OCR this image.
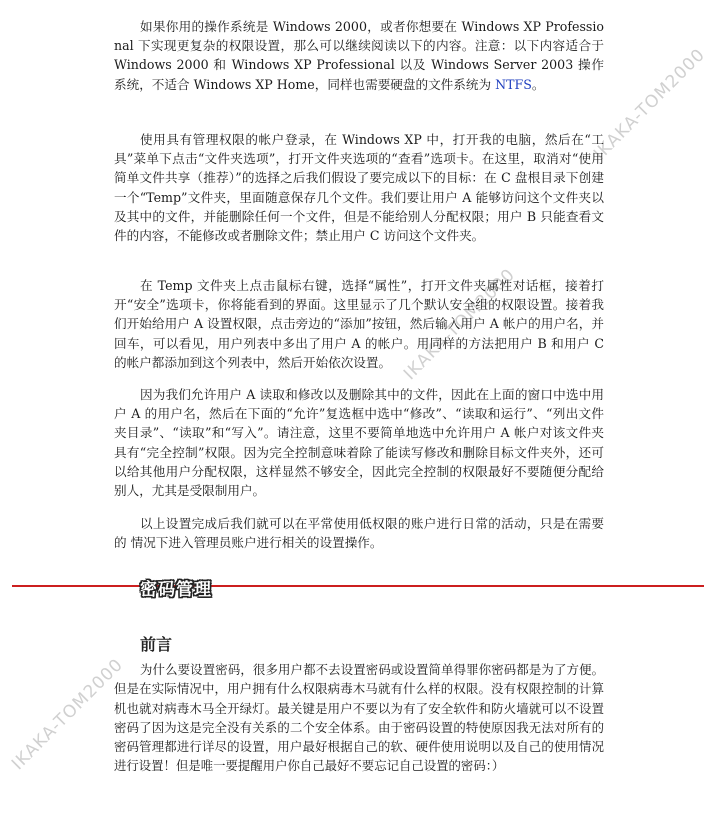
如果你用的操作系统是 Windows 2000，或者你想要在 Windows XP Professional 下实现更复杂的权限设置，那么可以继续阅读以下的内容。注意：以下内容适合于 Windows 2000 和 Windows XP Professional 以及 Windows Server 2003 操作系统，不适合 Windows XP Home，同样也需要硬盘的文件系统为 NTFS。

使用具有管理权限的帐户登录，在 Windows XP 中，打开我的电脑，然后在“工具”菜单下点击“文件夹选项”，打开文件夹选项的“查看”选项卡。在这里，取消对“使用简单文件共享（推荐）”的选择之后我们假设了要完成以下的目标：在 C 盘根目录下创建一个“Temp”文件夹，里面随意保存几个文件。我们要让用户 A 能够访问这个文件夹以及其中的文件，并能删除任何一个文件，但是不能给别人分配权限；用户 B 只能查看文件的内容，不能修改或者删除文件；禁止用户 C 访问这个文件夹。

在 Temp 文件夹上点击鼠标右键，选择“属性”，打开文件夹属性对话框，接着打开“安全”选项卡，你将能看到的界面。这里显示了几个默认安全组的权限设置。接着我们开始给用户 A 设置权限，点击旁边的“添加”按钮，然后输入用户 A 帐户的用户名，并回车，可以看见，用户列表中多出了用户 A 的帐户。用同样的方法把用户 B 和用户 C 的帐户都添加到这个列表中，然后开始依次设置。

因为我们允许用户 A 读取和修改以及删除其中的文件，因此在上面的窗口中选中用户 A 的用户名，然后在下面的“允许”复选框中选中“修改”、“读取和运行”、“列出文件夹目录”、“读取”和“写入”。请注意，这里不要简单地选中允许用户 A 帐户对该文件夹具有“完全控制”权限。因为完全控制意味着除了能读写修改和删除目标文件夹外，还可以给其他用户分配权限，这样显然不够安全，因此完全控制的权限最好不要随便分配给别人，尤其是受限制用户。

以上设置完成后我们就可以在平常使用低权限的账户进行日常的活动，只是在需要的 情况下进入管理员账户进行相关的设置操作。

密码管理
前言

为什么要设置密码，很多用户都不去设置密码或设置简单得罪你密码都是为了方便。但是在实际情况中，用户拥有什么权限病毒木马就有什么样的权限。没有权限控制的计算机也就对病毒木马全开绿灯。最关键是用户不要以为有了安全软件和防火墙就可以不设置密码了因为这是完全没有关系的二个安全体系。由于密码设置的特使原因我无法对所有的密码管理都进行详尽的设置，用户最好根据自己的软、硬件使用说明以及自己的使用情况进行设置！但是唯一要提醒用户你自己最好不要忘记自己设置的密码：）

IKAKA-TOM2000
IKAKA-TOM2000
IKAKA-TOM2000
